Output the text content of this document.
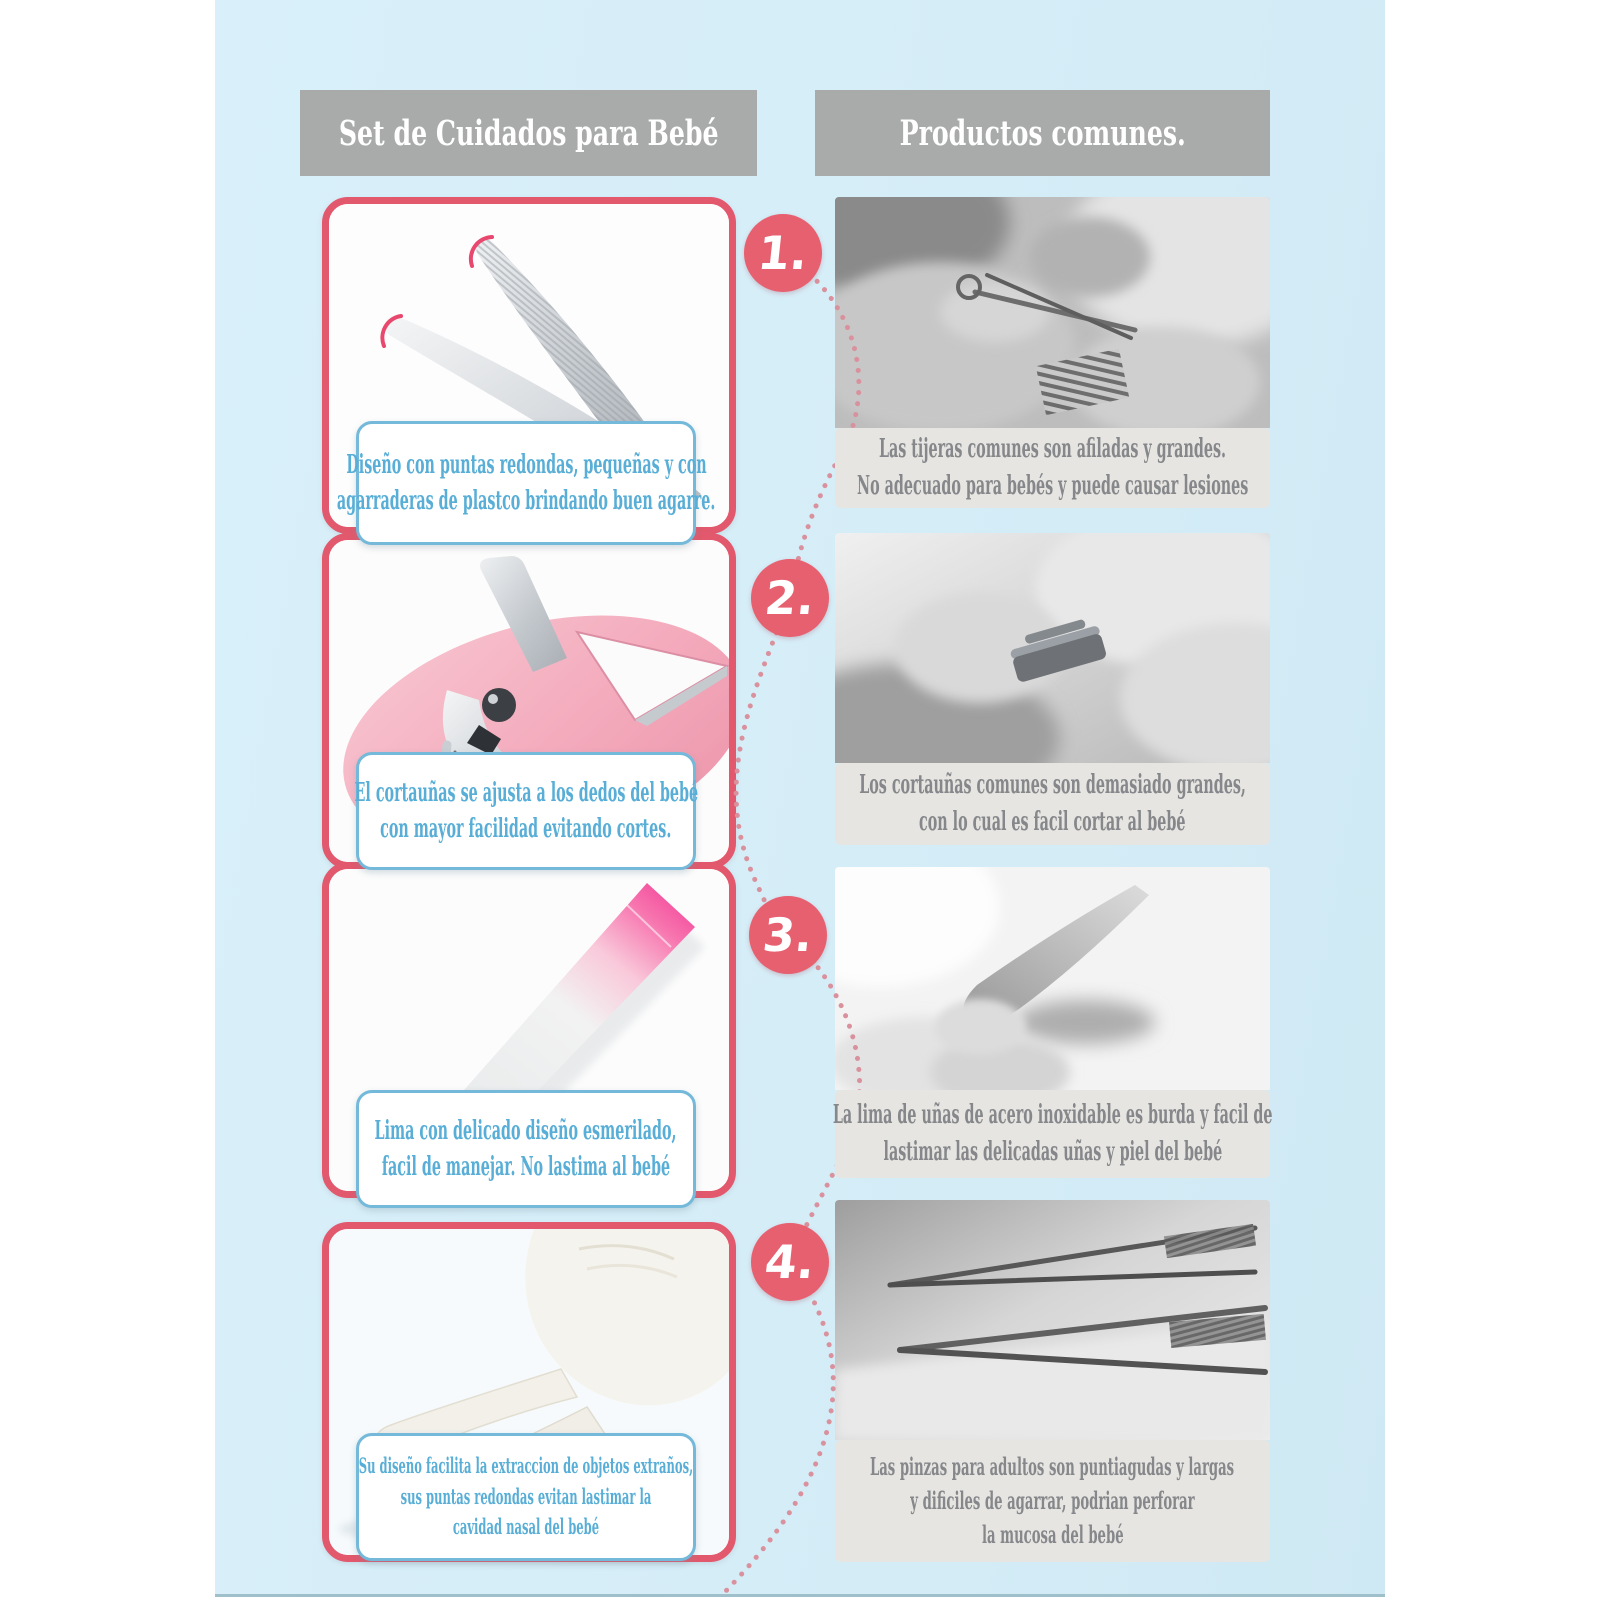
Set de Cuidados para Bebé	Productos comunes.
Diseño con puntas redondas, pequeñas y con
agarraderas de plastco brindando buen agarre.
1.
Las tijeras comunes son afiladas y grandes.
No adecuado para bebés y puede causar lesiones
El cortauñas se ajusta a los dedos del bebé
con mayor facilidad evitando cortes.
2.
Los cortauñas comunes son demasiado grandes,
con lo cual es facil cortar al bebé
Lima con delicado diseño esmerilado,
facil de manejar. No lastima al bebé
3.
La lima de uñas de acero inoxidable es burda y facil de
lastimar las delicadas uñas y piel del bebé
Su diseño facilita la extraccion de objetos extraños,
sus puntas redondas evitan lastimar la
cavidad nasal del bebé
4.
Las pinzas para adultos son puntiagudas y largas
y dificiles de agarrar, podrian perforar
la mucosa del bebé
